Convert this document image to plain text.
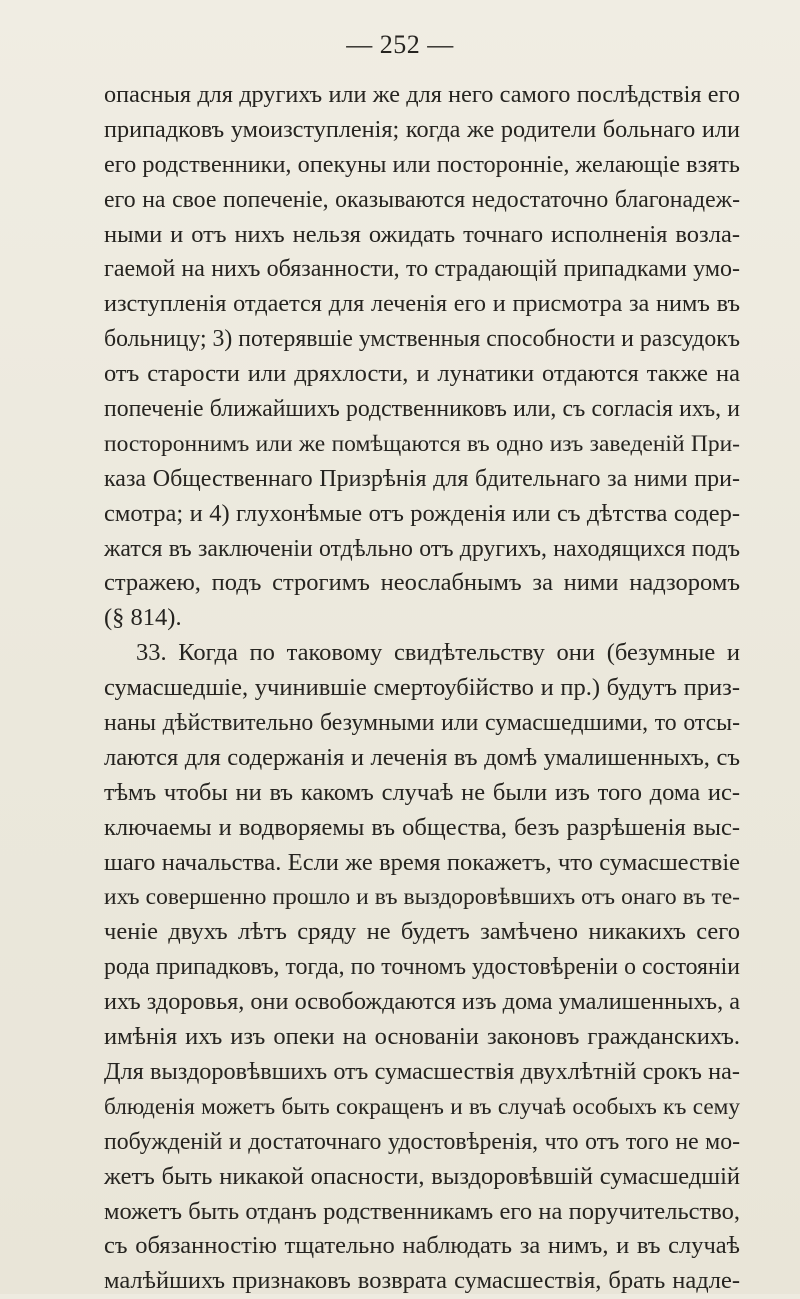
— 252 —
опасныя для другихъ или же для него самого послѣдствія его
припадковъ умоизступленія; когда же родители больнаго или
его родственники, опекуны или посторонніе, желающіе взять
его на свое попеченіе, оказываются недостаточно благонадеж-
ными и отъ нихъ нельзя ожидать точнаго исполненія возла-
гаемой на нихъ обязанности, то страдающій припадками умо-
изступленія отдается для леченія его и присмотра за нимъ въ
больницу; 3) потерявшіе умственныя способности и разсудокъ
отъ старости или дряхлости, и лунатики отдаются также на
попеченіе ближайшихъ родственниковъ или, съ согласія ихъ, и
постороннимъ или же помѣщаются въ одно изъ заведеній При-
каза Общественнаго Призрѣнія для бдительнаго за ними при-
смотра; и 4) глухонѣмые отъ рожденія или съ дѣтства содер-
жатся въ заключеніи отдѣльно отъ другихъ, находящихся подъ
стражею, подъ строгимъ неослабнымъ за ними надзоромъ
(§ 814).
33. Когда по таковому свидѣтельству они (безумные и
сумасшедшіе, учинившіе смертоубійство и пр.) будутъ приз-
наны дѣйствительно безумными или сумасшедшими, то отсы-
лаются для содержанія и леченія въ домѣ умалишенныхъ, съ
тѣмъ чтобы ни въ какомъ случаѣ не были изъ того дома ис-
ключаемы и водворяемы въ общества, безъ разрѣшенія выс-
шаго начальства. Если же время покажетъ, что сумасшествіе
ихъ совершенно прошло и въ выздоровѣвшихъ отъ онаго въ те-
ченіе двухъ лѣтъ сряду не будетъ замѣчено никакихъ сего
рода припадковъ, тогда, по точномъ удостовѣреніи о состояніи
ихъ здоровья, они освобождаются изъ дома умалишенныхъ, а
имѣнія ихъ изъ опеки на основаніи законовъ гражданскихъ.
Для выздоровѣвшихъ отъ сумасшествія двухлѣтній срокъ на-
блюденія можетъ быть сокращенъ и въ случаѣ особыхъ къ сему
побужденій и достаточнаго удостовѣренія, что отъ того не мо-
жетъ быть никакой опасности, выздоровѣвшій сумасшедшій
можетъ быть отданъ родственникамъ его на поручительство,
съ обязанностію тщательно наблюдать за нимъ, и въ случаѣ
малѣйшихъ признаковъ возврата сумасшествія, брать надле-
